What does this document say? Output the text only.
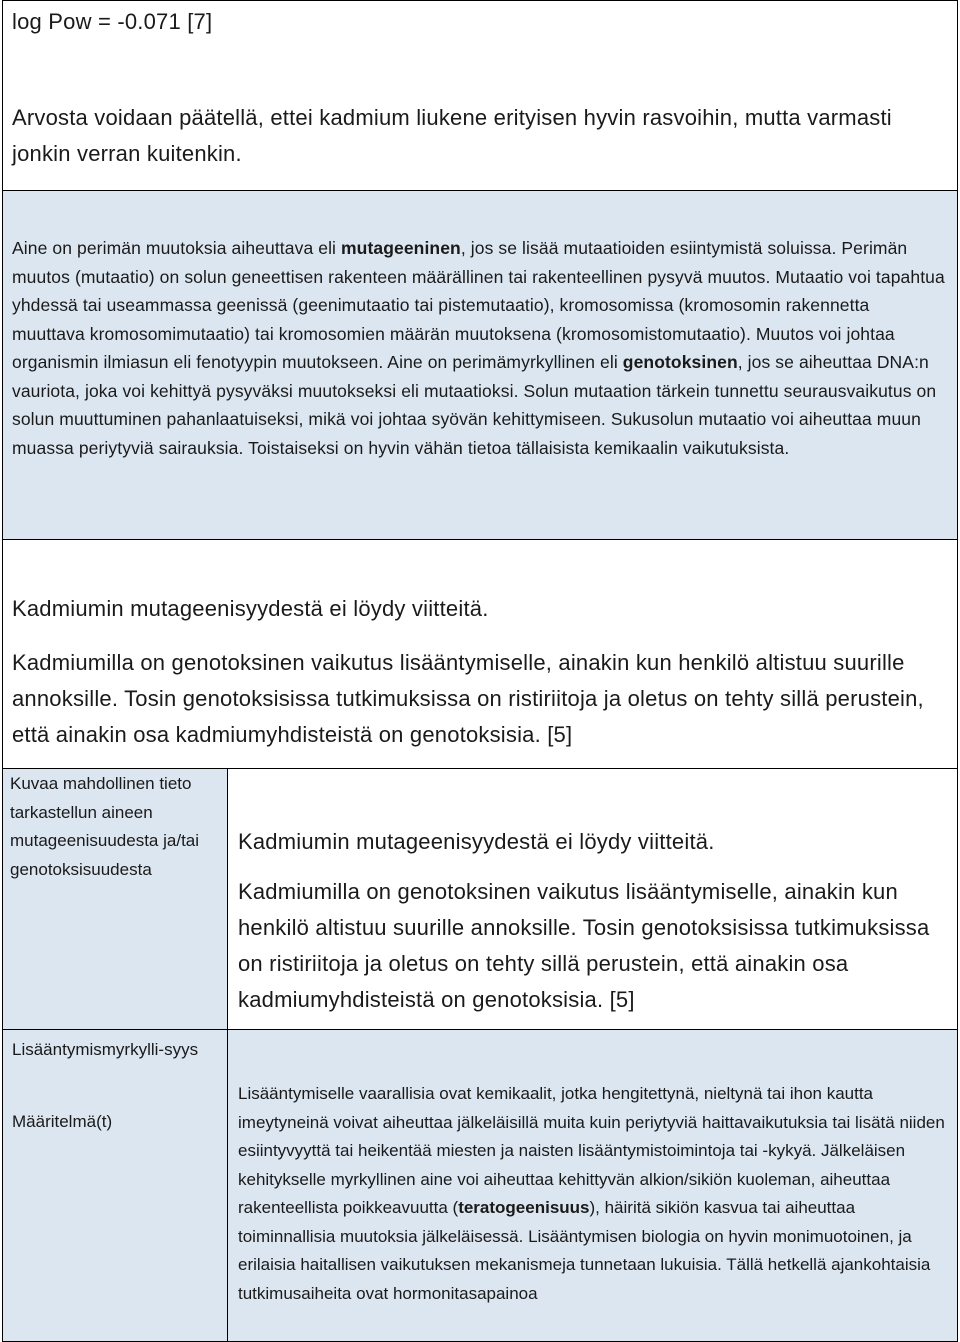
log Pow = -0.071 [7]

Arvosta voidaan päätellä, ettei kadmium liukene erityisen hyvin rasvoihin, mutta varmasti jonkin verran kuitenkin.

Aine on perimän muutoksia aiheuttava eli mutageeninen, jos se lisää mutaatioiden esiintymistä soluissa. Perimän muutos (mutaatio) on solun geneettisen rakenteen määrällinen tai rakenteellinen pysyvä muutos. Mutaatio voi tapahtua yhdessä tai useammassa geenissä (geenimutaatio tai pistemutaatio), kromosomissa (kromosomin rakennetta muuttava kromosomimutaatio) tai kromosomien määrän muutoksena (kromosomistomutaatio). Muutos voi johtaa organismin ilmiasun eli fenotyypin muutokseen. Aine on perimämyrkyllinen eli genotoksinen, jos se aiheuttaa DNA:n vauriota, joka voi kehittyä pysyväksi muutokseksi eli mutaatioksi. Solun mutaation tärkein tunnettu seurausvaikutus on solun muuttuminen pahanlaatuiseksi, mikä voi johtaa syövän kehittymiseen. Sukusolun mutaatio voi aiheuttaa muun muassa periytyviä sairauksia. Toistaiseksi on hyvin vähän tietoa tällaisista kemikaalin vaikutuksista.

Kadmiumin mutageenisyydestä ei löydy viitteitä.

Kadmiumilla on genotoksinen vaikutus lisääntymiselle, ainakin kun henkilö altistuu suurille annoksille. Tosin genotoksisissa tutkimuksissa on ristiriitoja ja oletus on tehty sillä perustein, että ainakin osa kadmiumyhdisteistä on genotoksisia. [5]

Kuvaa mahdollinen tieto tarkastellun aineen mutageenisuudesta ja/tai genotoksisuudesta

Kadmiumin mutageenisyydestä ei löydy viitteitä.

Kadmiumilla on genotoksinen vaikutus lisääntymiselle, ainakin kun henkilö altistuu suurille annoksille. Tosin genotoksisissa tutkimuksissa on ristiriitoja ja oletus on tehty sillä perustein, että ainakin osa kadmiumyhdisteistä on genotoksisia. [5]

Lisääntymismyrkylli-syys

Määritelmä(t)

Lisääntymiselle vaarallisia ovat kemikaalit, jotka hengitettynä, nieltynä tai ihon kautta imeytyneinä voivat aiheuttaa jälkeläisillä muita kuin periytyviä haittavaikutuksia tai lisätä niiden esiintyvyyttä tai heikentää miesten ja naisten lisääntymistoimintoja tai -kykyä. Jälkeläisen kehitykselle myrkyllinen aine voi aiheuttaa kehittyvän alkion/sikiön kuoleman, aiheuttaa rakenteellista poikkeavuutta (teratogeenisuus), häiritä sikiön kasvua tai aiheuttaa toiminnallisia muutoksia jälkeläisessä. Lisääntymisen biologia on hyvin monimuotoinen, ja erilaisia haitallisen vaikutuksen mekanismeja tunnetaan lukuisia. Tällä hetkellä ajankohtaisia tutkimusaiheita ovat hormonitasapainoa
